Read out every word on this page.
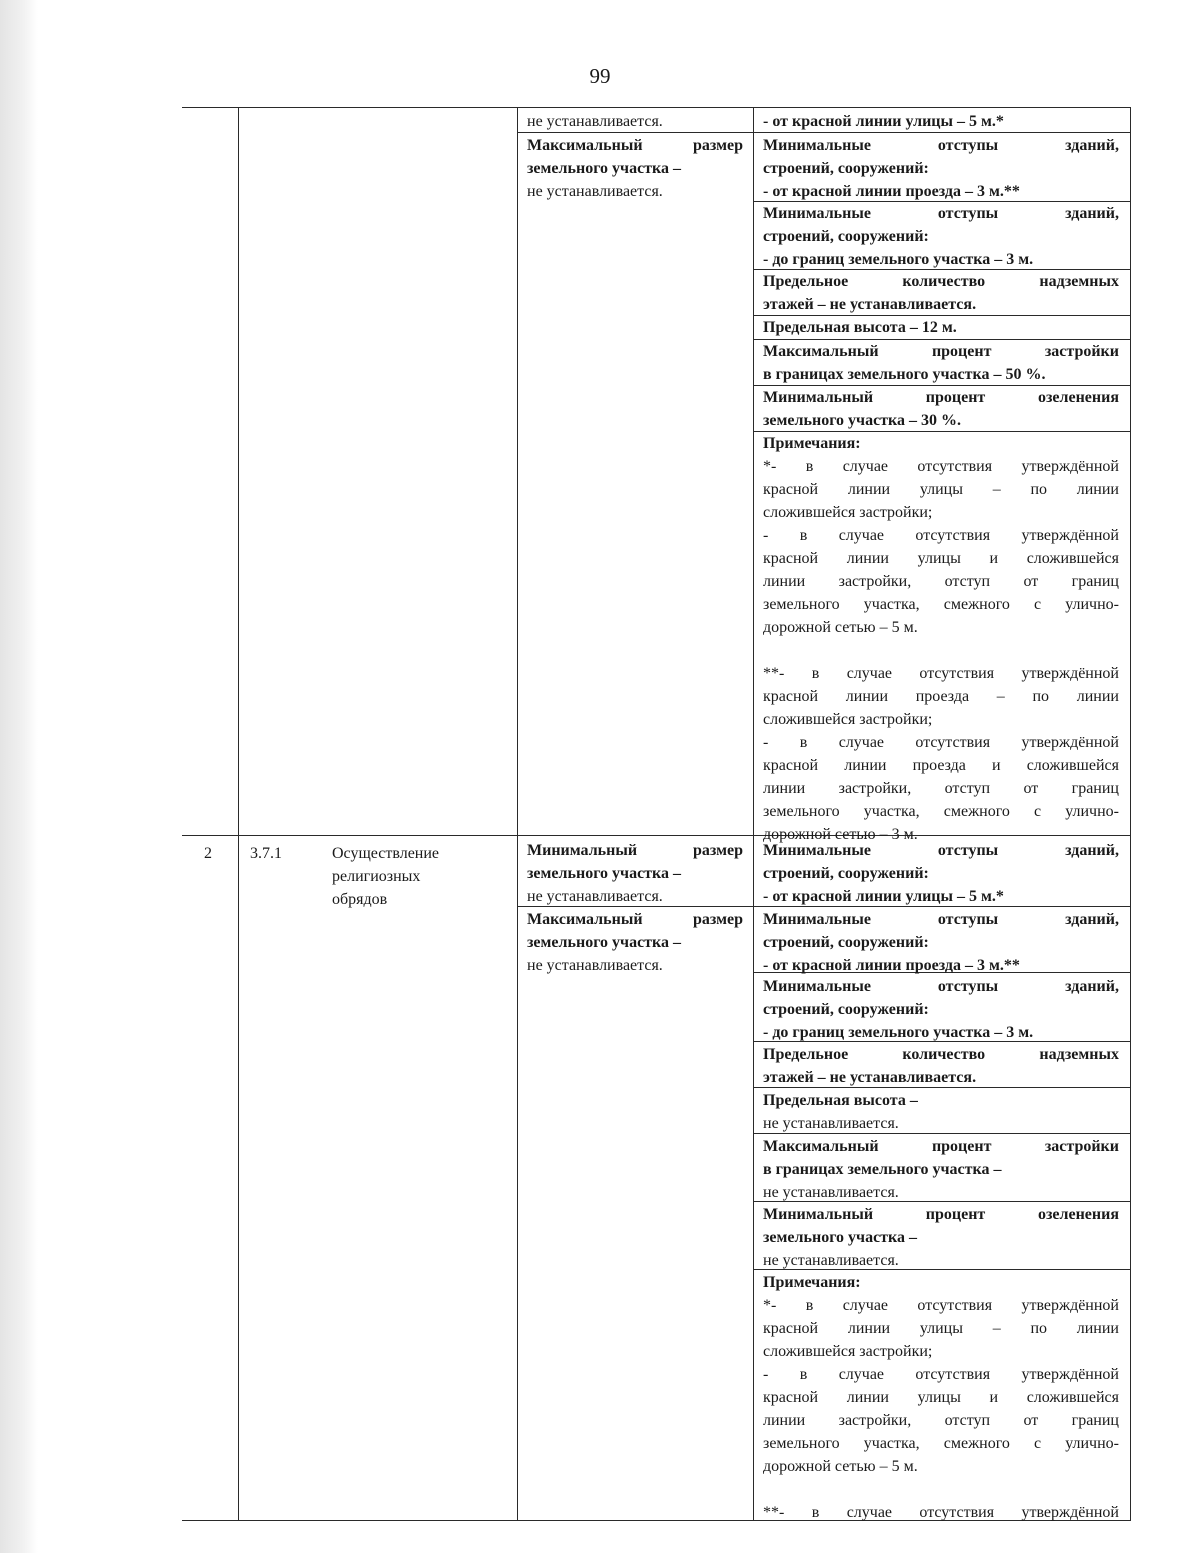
99
не устанавливается.
Максимальный размер
земельного участка –
не устанавливается.
- от красной линии улицы – 5 м.*
Минимальные отступы зданий,
строений, сооружений:
- от красной линии проезда – 3 м.**
Минимальные отступы зданий,
строений, сооружений:
- до границ земельного участка – 3 м.
Предельное количество надземных
этажей – не устанавливается.
Предельная высота – 12 м.
Максимальный процент застройки
в границах земельного участка – 50 %.
Минимальный процент озеленения
земельного участка – 30 %.
Примечания:
*- в случае отсутствия утверждённой
красной линии улицы – по линии
сложившейся застройки;
- в случае отсутствия утверждённой
красной линии улицы и сложившейся
линии застройки, отступ от границ
земельного участка, смежного с улично-
дорожной сетью – 5 м.
**- в случае отсутствия утверждённой
красной линии проезда – по линии
сложившейся застройки;
- в случае отсутствия утверждённой
красной линии проезда и сложившейся
линии застройки, отступ от границ
земельного участка, смежного с улично-
дорожной сетью – 3 м.
2 3.7.1	Осуществление
религиозных
обрядов
Минимальный размер
земельного участка –
не устанавливается.
Максимальный размер
земельного участка –
не устанавливается.
Минимальные отступы зданий,
строений, сооружений:
- от красной линии улицы – 5 м.*
Минимальные отступы зданий,
строений, сооружений:
- от красной линии проезда – 3 м.**
Минимальные отступы зданий,
строений, сооружений:
- до границ земельного участка – 3 м.
Предельное количество надземных
этажей – не устанавливается.
Предельная высота –
не устанавливается.
Максимальный процент застройки
в границах земельного участка –
не устанавливается.
Минимальный процент озеленения
земельного участка –
не устанавливается.
Примечания:
*- в случае отсутствия утверждённой
красной линии улицы – по линии
сложившейся застройки;
- в случае отсутствия утверждённой
красной линии улицы и сложившейся
линии застройки, отступ от границ
земельного участка, смежного с улично-
дорожной сетью – 5 м.
**- в случае отсутствия утверждённой
